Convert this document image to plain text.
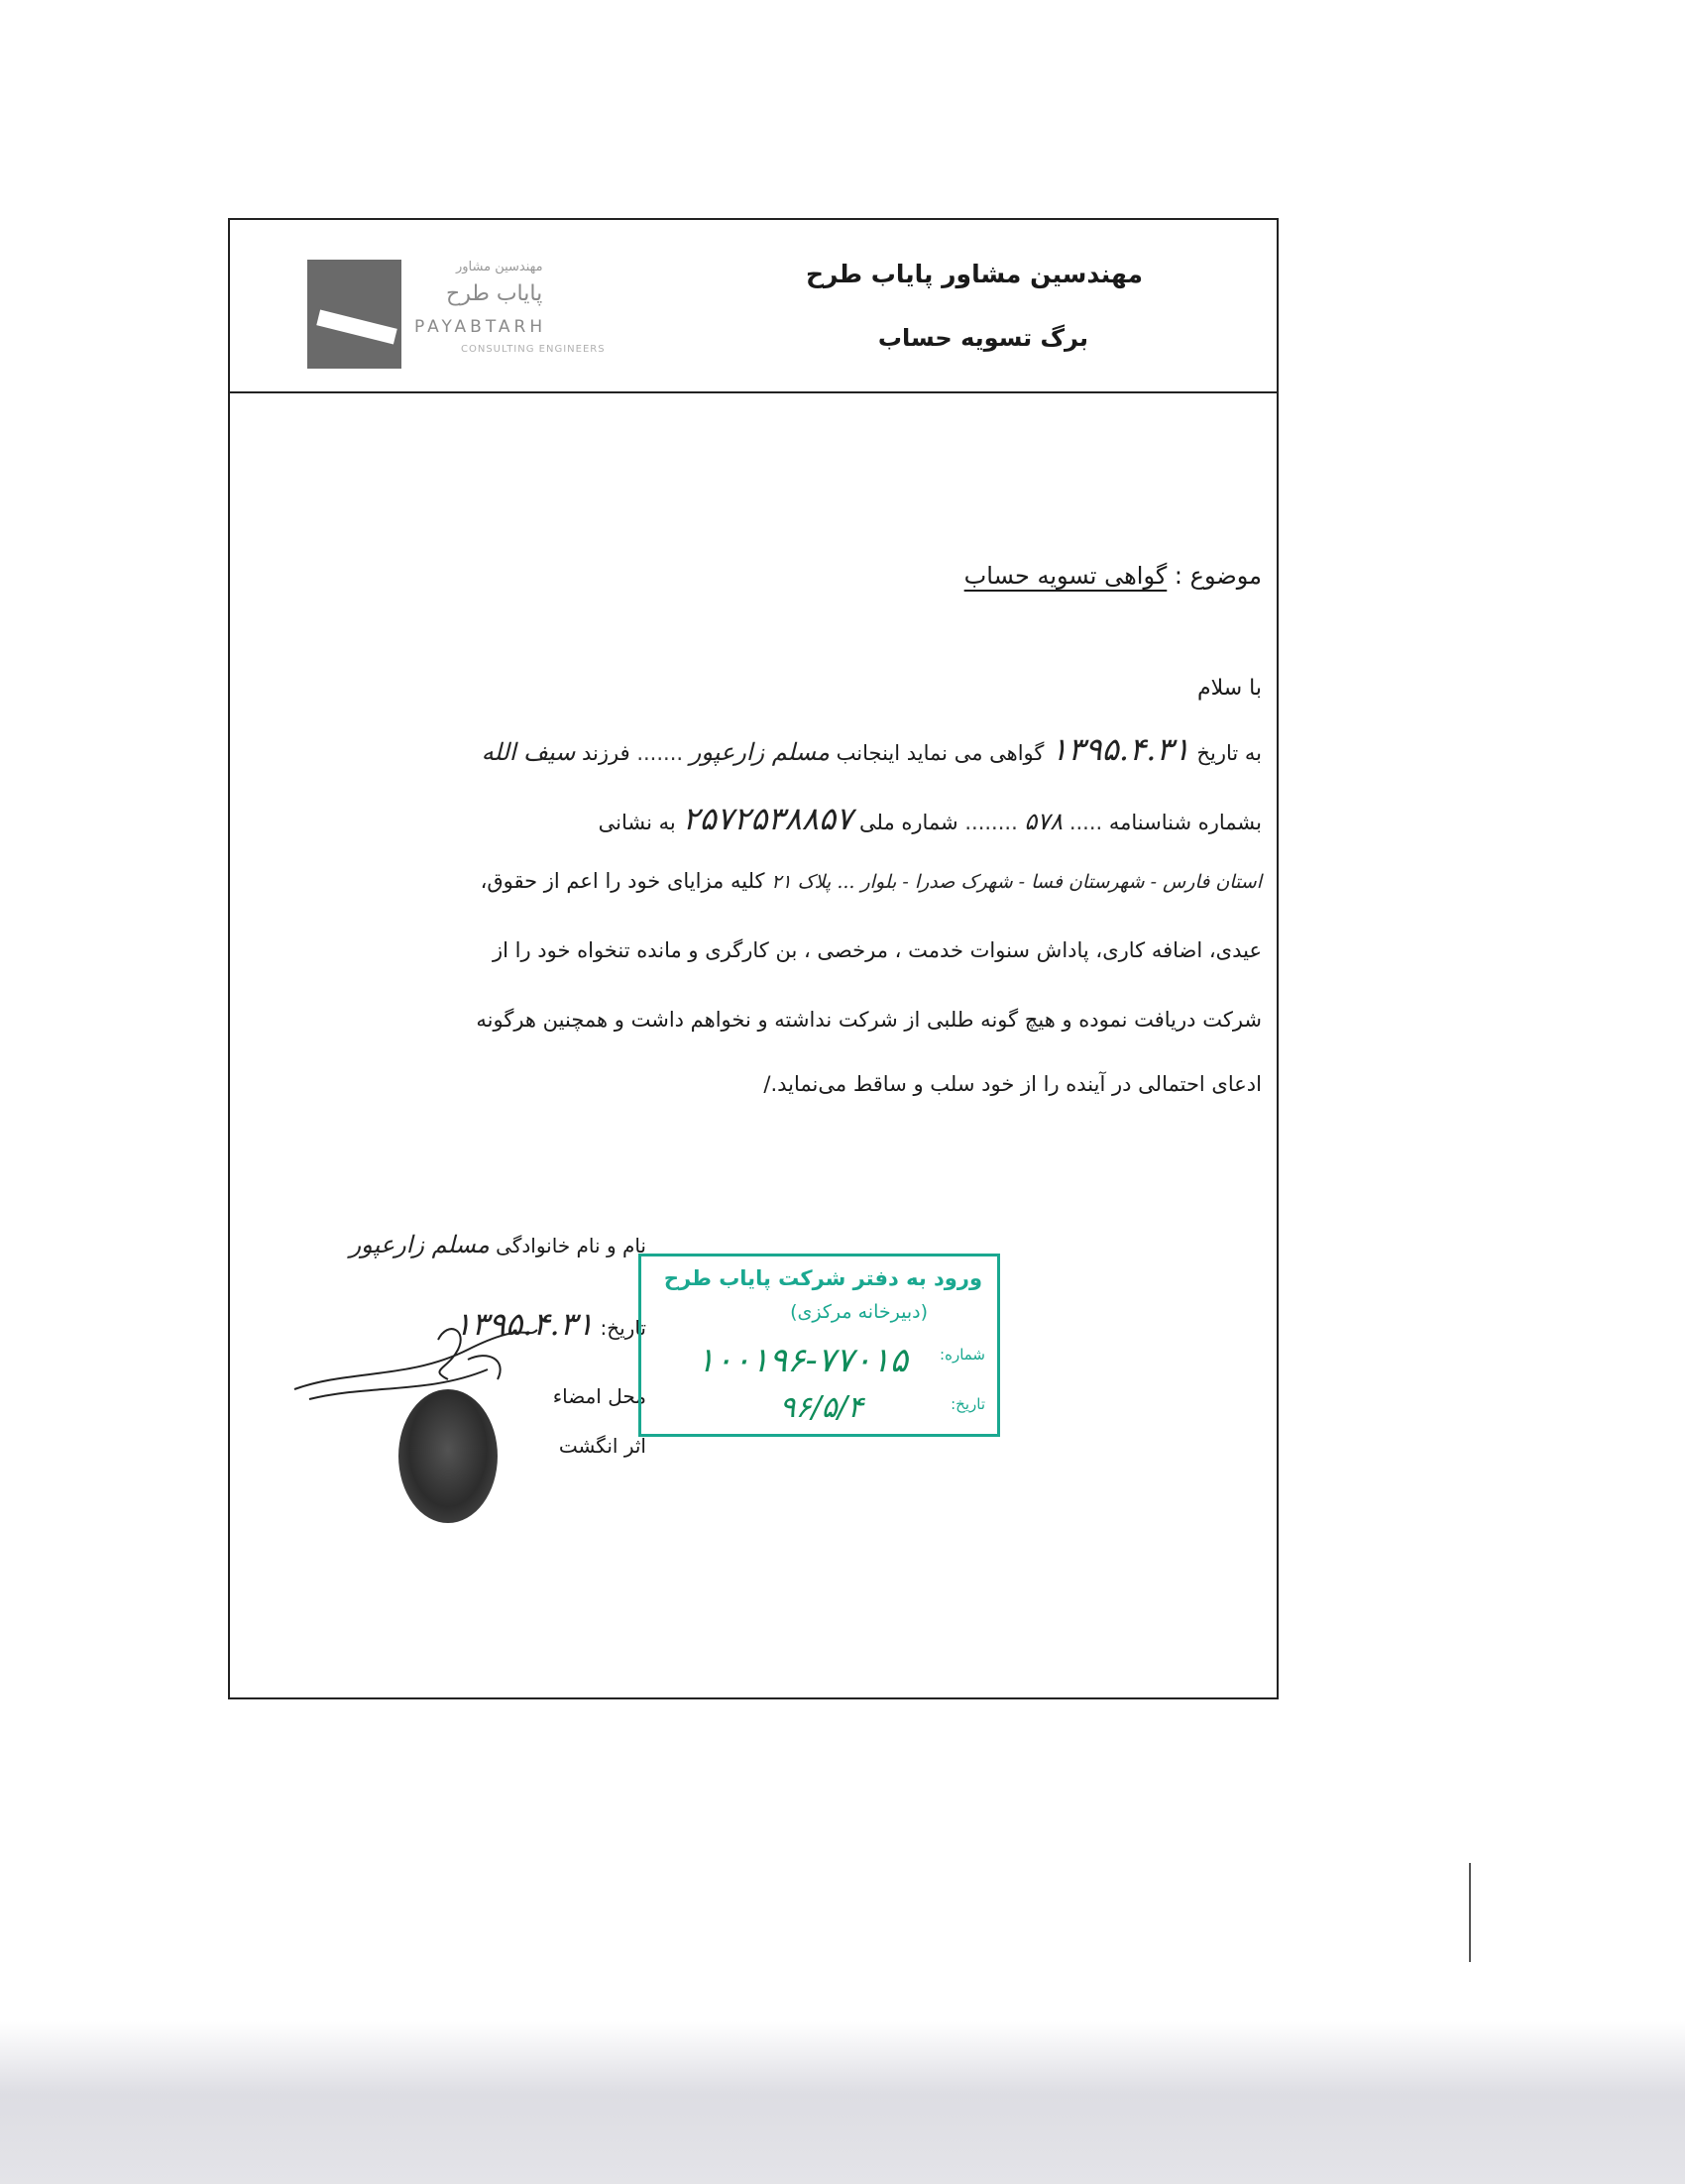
مهندسین مشاور پایاب طرح
برگ تسویه حساب
مهندسین مشاور
پایاب طرح
PAYABTARH
CONSULTING ENGINEERS
موضوع : گواهی تسویه حساب
با سلام
به تاریخ ۱۳۹۵.۴.۳۱ گواهی می نماید اینجانب مسلم زارعپور ....... فرزند سیف الله
بشماره شناسنامه ..... ۵۷۸ ........ شماره ملی ۲۵۷۲۵۳۸۸۵۷ به نشانی
استان فارس - شهرستان فسا - شهرک صدرا - بلوار ... پلاک ۲۱ کلیه مزایای خود را اعم از حقوق،
عیدی، اضافه کاری، پاداش سنوات خدمت ، مرخصی ، بن کارگری و مانده تنخواه خود را از
شرکت دریافت نموده و هیچ گونه طلبی از شرکت نداشته و نخواهم داشت و همچنین هرگونه
ادعای احتمالی در آینده را از خود سلب و ساقط می‌نماید./
نام و نام خانوادگی مسلم زارعپور
تاریخ: ۱۳۹۵.۴.۳۱
محل امضاء
اثر انگشت
ورود به دفتر شرکت پایاب طرح
(دبیرخانه مرکزی)
شماره:
۱۰۰۱۹۶-۷۷۰۱۵
تاریخ:
۹۶/۵/۴
